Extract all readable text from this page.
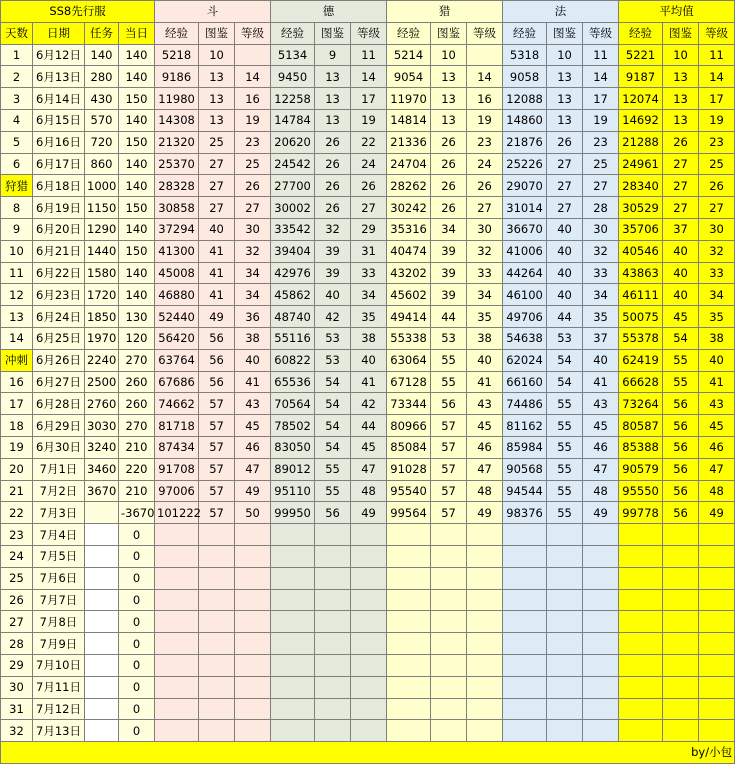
SS8先行服				斗			德			猎			法			平均值		
天数	日期	任务	当日	经验	图鉴	等级	经验	图鉴	等级	经验	图鉴	等级	经验	图鉴	等级	经验	图鉴	等级
1	6月12日	140	140	5218	10		5134	9	11	5214	10		5318	10	11	5221	10	11
2	6月13日	280	140	9186	13	14	9450	13	14	9054	13	14	9058	13	14	9187	13	14
3	6月14日	430	150	11980	13	16	12258	13	17	11970	13	16	12088	13	17	12074	13	17
4	6月15日	570	140	14308	13	19	14784	13	19	14814	13	19	14860	13	19	14692	13	19
5	6月16日	720	150	21320	25	23	20620	26	22	21336	26	23	21876	26	23	21288	26	23
6	6月17日	860	140	25370	27	25	24542	26	24	24704	26	24	25226	27	25	24961	27	25
狩猎	6月18日	1000	140	28328	27	26	27700	26	26	28262	26	26	29070	27	27	28340	27	26
8	6月19日	1150	150	30858	27	27	30002	26	27	30242	26	27	31014	27	28	30529	27	27
9	6月20日	1290	140	37294	40	30	33542	32	29	35316	34	30	36670	40	30	35706	37	30
10	6月21日	1440	150	41300	41	32	39404	39	31	40474	39	32	41006	40	32	40546	40	32
11	6月22日	1580	140	45008	41	34	42976	39	33	43202	39	33	44264	40	33	43863	40	33
12	6月23日	1720	140	46880	41	34	45862	40	34	45602	39	34	46100	40	34	46111	40	34
13	6月24日	1850	130	52440	49	36	48740	42	35	49414	44	35	49706	44	35	50075	45	35
14	6月25日	1970	120	56420	56	38	55116	53	38	55338	53	38	54638	53	37	55378	54	38
冲刺	6月26日	2240	270	63764	56	40	60822	53	40	63064	55	40	62024	54	40	62419	55	40
16	6月27日	2500	260	67686	56	41	65536	54	41	67128	55	41	66160	54	41	66628	55	41
17	6月28日	2760	260	74662	57	43	70564	54	42	73344	56	43	74486	55	43	73264	56	43
18	6月29日	3030	270	81718	57	45	78502	54	44	80966	57	45	81162	55	45	80587	56	45
19	6月30日	3240	210	87434	57	46	83050	54	45	85084	57	46	85984	55	46	85388	56	46
20	7月1日	3460	220	91708	57	47	89012	55	47	91028	57	47	90568	55	47	90579	56	47
21	7月2日	3670	210	97006	57	49	95110	55	48	95540	57	48	94544	55	48	95550	56	48
22	7月3日		-3670	101222	57	50	99950	56	49	99564	57	49	98376	55	49	99778	56	49
23	7月4日		0															
24	7月5日		0															
25	7月6日		0															
26	7月7日		0															
27	7月8日		0															
28	7月9日		0															
29	7月10日		0															
30	7月11日		0															
31	7月12日		0															
32	7月13日		0															
by/小包																		
